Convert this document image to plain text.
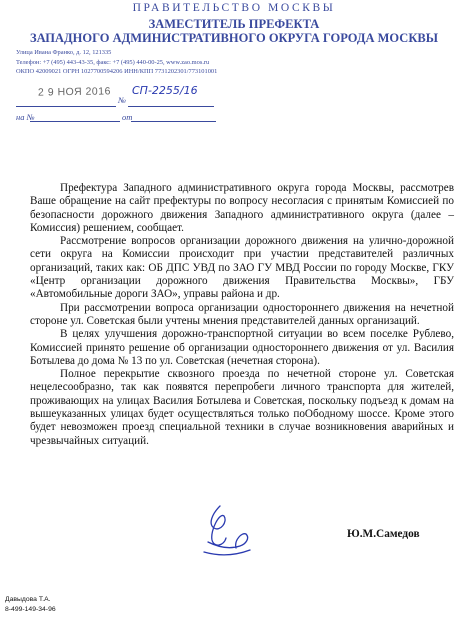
ПРАВИТЕЛЬСТВО МОСКВЫ
ЗАМЕСТИТЕЛЬ ПРЕФЕКТА
ЗАПАДНОГО АДМИНИСТРАТИВНОГО ОКРУГА ГОРОДА МОСКВЫ
Улица Ивана Франко, д. 12, 121335
Телефон: +7 (495) 443-43-35, факс: +7 (495) 440-00-25, www.zao.mos.ru
ОКПО 42009021 ОГРН 1027700594206 ИНН/КПП 7731202301/773101001
2 9 НОЯ 2016
№
СП-2255/16
на №	от

Префектура Западного административного округа города Москвы, рассмотрев Ваше обращение на сайт префектуры по вопросу несогласия с принятым Комиссией по безопасности дорожного движения Западного административного округа (далее – Комиссия) решением, сообщает.

Рассмотрение вопросов организации дорожного движения на улично-дорожной сети округа на Комиссии происходит при участии представителей различных организаций, таких как: ОБ ДПС УВД по ЗАО ГУ МВД России по городу Москве, ГКУ «Центр организации дорожного движения Правительства Москвы», ГБУ «Автомобильные дороги ЗАО», управы района и др.

При рассмотрении вопроса организации одностороннего движения на нечетной стороне ул. Советская были учтены мнения представителей данных организаций.

В целях улучшения дорожно-транспортной ситуации во всем поселке Рублево, Комиссией принято решение об организации одностороннего движения от ул. Василия Ботылева до дома № 13 по ул. Советская (нечетная сторона).

Полное перекрытие сквозного проезда по нечетной стороне ул. Советская нецелесообразно, так как появятся перепробеги личного транспорта для жителей, проживающих на улицах Василия Ботылева и Советская, поскольку подъезд к домам на вышеуказанных улицах будет осуществляться только поОбодному шоссе. Кроме этого будет невозможен проезд специальной техники в случае возникновения аварийных и чрезвычайных ситуаций.

Ю.М.Самедов
Давыдова Т.А.
8-499-149-34-96
